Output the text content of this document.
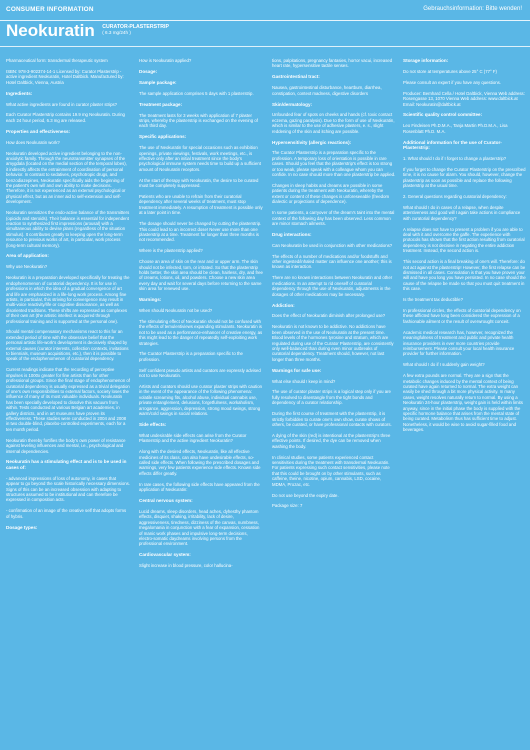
CONSUMER INFORMATION	Gebrauchsinformation: Bitte wenden!
Neokuratin CURATOR-PLASTERSTRIP
( 6.3 mg/24h )

Pharmaceutical form: transdermal therapeutic system

ISBN: 978-3-902374-14-1 Licensed by: Curator Plasterstrip - active ingredient Neokuratin, Hotel Daltbick. Manufactured by: Hotel Daltbick, Vienna, Austria

Ingredients:

What active ingredients are found in curator plaster strips?

Each Curator Plasterstrip contains 19.9 mg Neokuratin. During each 24 hour period, 6.3 mg are released.

Properties and effectiveness:

How does Neokuratin work?

Neokuratin developed active ingredient belonging to the non-anxiolytic family. Through the neurotransmitter synapses of the amygdala (located on the medial section of the temporal lobes), it indirectly affects the entrainment of coordination of personal behavior. In contrast to sedatives, psychotropic drugs, and benzodiazepines, Neokuratin specifically aids the beginning of the patient's own will and own ability to make decisions. Therefore, it is not experienced as an external psychological or physical effect, but as an inner aid to self-extension and self-development.

Neokuratin sensitizes the endo-active balance of the transmitters (opioids and steroids). Their balance is essential for independent reaction to synthesized first impressions (arousal) with a simultaneous ability to devise plans (regardless of the situation stimulus). It contributes greatly to keeping open the long-term resource to previous works of art, in particular, work process (long-term cultural memory).

Area of application:

Why use Neokuratin?

Neokuratin is a preparation developed specifically for treating the endophenomenon of curatorial dependency. It is for use in professions in which the idea of a gradual convergence of art and life are emphasized in a life-long work process. Among fine artists, in particular, this striving for convergence may result in multi-voice reactivity/life or cognitive dissonance, as well as disoriented traditions. These shifts are expressed as complexes of their own art (the artistic intellect is acquired through professional training and is supported at the personal one).

Should mental compensatory mechanisms react to this for an extended period of time with the obsessive belief that the personal artistic life-work's development is decisively shaped by external causes (curator interests, collection contexts, invitations to biennials, museum acquisitions, etc.), then it is possible to speak of the endophenomenon of curatorial dependency.

Current readings indicate that the recording of perceptive impulses is 1000x greater for fine artists than for other professional groups. Since the final stage of endophenomenon of curatorial dependency is usually expressed as a trivial delegation of one's own responsibilities to external factors, society loses the influence of many of its most valuable individuals. Neokuratin has been specially developed to dissolve this vacuum from within. Tests conducted at various Belgian art academies, in gallery districts, and in art museums have proven its effectiveness. These studies were conducted in 2004 and 2008 in two double-blind, placebo-controlled experiments, each for a ten month period.

Neokuratin thereby fortifies the body's own power of resistance against leveling influences and mental, i.e., psychological and internal dependencies.

Neokuratin has a stimulating effect and is to be used in cases of:

- advanced impressions of loss of autonomy, in cases that appear to go beyond the scale historically necessary dimensions. Signs of this can be an increased obsession with adapting to structures assumed to be institutional and can therefore be expressed in composition acts.

- confirmation of an image of the creative self that adopts forms of hybris.

Dosage types:

How is Neokuratin applied?

Dosage:

Sample package:

The sample application comprises 5 days with 1 plasterstrip.

Treatment package:

The treatment lasts for 3 weeks with application of 7 plaster strips, whereby the plasterstrip is exchanged on the evening of each third day.

Specific applications:

The use of Neokuratin for special occasions such as exhibition openings, private viewings, festivals, work meetings, etc., is effective only after an initial treatment since the body's psychological immune system needs time to build up a sufficient amount of Neokuratin receptors.

At the start of therapy with Neokuratin, the desire to be curated must be completely suppressed.

Patients who are unable to refrain from their curatorial dependency after several weeks of treatment, must stop treatment immediately. A resumption of treatment is possible only at a later point in time.

The dosage should never be changed by cutting the plasterstrip. This could lead to an incorrect dose! Never use more than one plasterstrip at a time. Treatment for longer than three months is not recommended.

Where is the plasterstrip applied?

Choose an area of skin on the rear and or upper arm. The skin should not be infected, torn, or irritated. So that the plasterstrip holds better, the skin area should be clean, hairless, dry, and free of creams, lotions, oil, and powders. Choose a new skin area every day and wait for several days before returning to the same skin area for renewed use.

Warnings:

When should Neokuratin not be used?

The stimulating effect of Neokuratin should not be confused with the effects of temulentiviews expanding stimulants. Neokuratin is not to be used as a performance-enhancer of creative energy, as this might lead to the danger of repeatedly self-exploiting work strategies.

The Curator Plasterstrip is a preparation specific to the profession.

Self confident pseudo artists and curators are expressly advised not to use Neokuratin.

Artists and curators should use curator plaster strips with caution in the event of the appearance of the following phenomena: volatile screaming fits, alcohol abuse, individual cannabis use, private entanglement, delusions, forgetfulness, workaholism, arrogance, aggression, depression, strong mood swings, strong warm/cold swings in social relations.

Side effects:

What undesirable side effects can arise from the Curator Plasterstrip and the active ingredient Neokuratin?

Along with the desired effects, Neokuratin, like all effective medicines of its class, can also have undesirable effects, so-called side effects. When following the prescribed dosages and warnings, very few patients experience side effects. Known side effects differ greatly.

In rare cases, the following side effects have appeared from the application of Neokuratin:

Central nervous system:

Lucid dreams, sleep disorders, head aches, dyhesthy phantom effects, disquiet, shaking, irritability, lack of desire, aggressiveness, tiredness, dizziness of the canvas, numbness, megalomania in conjunction with a fear of expansion, cessation of manic work phases and impulsive long-term decisions, electro-somatic daydreams involving persons from the professional environment.

Cardiovascular system:

Slight increase in blood pressure, color hallucina-

tions, palpitations, pregnancy fantasies, horror vacui, increased heart rate, hypersensitive tactile senses.

Gastrointestinal tract:

Nausea, gastrointestinal disturbance, heartburn, diarrhea, constipation, context madness, digestive disorders

Skin/dermatology:

Unfounded fear of spots on cheeks and hands (cf. toxic contact eczema, gazing paralysis). Due to the form of use of Neokuratin, which is similar to the use of adhesive plasters, e. s., slight reddening of the skin and itching are possible.

Hypersensitivity (allergic reactions):

The Curator Plasterstrip is a preparation specific to the profession. A temporary loss of orientation is possible in rare cases. Should you feel that the plasterstrip's effect is too strong or too weak, please speak with a colleague whom you can confide. In no case should more than one plasterstrip be applied.

Changes in sleep habits and dreams are possible in some patients during the treatment with Neokuratin, whereby the extent or content of these changes is unforeseeable (freedom dialectic or projections of dependence).

In some patients, a carryover of the dream's taint into the mental context of the following day has been observed. Less common are minor stomach ailments.

Drug interactions:

Can Neokuratin be used in conjunction with other medications?

The effects of a number of medications and/or foodstuffs and other ingested/inhaled matter can influence one another; this is known as interaction.

There are no known interactions between Neokuratin and other medications. In an attempt to rid oneself of curatorial dependency through the use of Neokuratin, adjustments in the dosages of other medications may be necessary.

Addiction:

Does the effect of Neokuratin diminish after prolonged use?

Neokuratin is not known to be addictive. No addictions have been observed in the use of Neokuratin at the present time. Blood levels of the hormones tyrosine and stratum, which are regulated during use of the Curator Plasterstrip, are consistently only well-balanced than during even minor outbreaks of curatorial dependency. Treatment should, however, not last longer than three months.

Warnings for safe use:

What else should I keep in mind?

The use of curator plaster strips is a logical step only if you are fully resolved to disentangle from the tight bonds and dependency of a curator relationship.

During the first course of treatment with the plasterstrip, it is strictly forbidden to curate one's own show, curate shows of others, be curated, or have professional contacts with curators.

A dying of the skin (red) is intentional at the plasterstrip's three effective points. If desired, the dye can be removed when washing the body.

In clinical studies, some patients experienced contact sensitivities during the treatment with transdermal Neokuratin. For patients expressing such contact sensitivities, please note that this could be brought on by other stimulants, such as caffeine, theine, nicotine, opium, cannabis, LSD, cocaine, MDMA, Prozac, etc.

Do not use beyond the expiry date.

Package size: 7

Storage information:

Do not store at temperatures above 25° C (77° F)

Please consult an expert if you have any questions.

Producer: Bernhard Cella / Hotel Daltbick, Vienna Web address: Rosengasse 13, 1070 Vienna Web address: www.daltbick.at Email: Neokuratin@daltbick.at

Scientific quality control committee:

Leo Findeisen Ph.D.M.A., Tanja Martin Ph.D.M.A., Lisa Rosenblatt Ph.D. M.A.

Additional information for the use of Curator-Plasterstrip:

1. What should I do if I forget to change a plasterstrip?

If you forget to change the Curator Plasterstrip on the prescribed time, it is no cause for alarm. You should, however, change the plasterstrip as soon as possible and replace the following plasterstrip at the usual time.

2. General questions regarding curatorial dependency:

What should I do in cases of a relapse, when despite attentiveness and good will I again take actions in compliance with curatorial dependency?

A relapse does not have to present a problem if you are able to deal with it and overcome the gaffe. The experience with protocols has shown that the first action resulting from curatorial dependency is not decisive in negating the entire addiction treatment. Instead, the second action is.

This second action is a final breaking of one's will. Therefore: do not act against the plasterstrip! However, the first relapse can be dismissed in all cases. Consolation is that you have proven your will and have you long you have persisted. In no case should the cause of the relapse be made so that you must quit treatment in this case.

Is the treatment tax deductible?

In professional circles, the effects of curatorial dependency on these afflicted have long been considered the expression of a fashionable ailment or the result of overwrought conceit.

Academic medical research has, however, recognized the meaningfulness of treatment and public and private health insurance providers in ever more countries provide reimbursement. Please consult your local health insurance provider for further information.

What should I do if I suddenly gain weight?

A few extra pounds are normal. They are a sign that the metabolic changes induced by the mental context of being curated have again returned to normal. The extra weight can easily be shed through a bit more physical activity. In many cases, weight resolves naturally return to normal. By using a Neokuratin 24-hour plasterstrip, weight gain is held within limits anyway, since in the initial phase the body is supplied with the specific hormone balance that arises from the mental state of being curated. Metabolism thus has sufficient time to adjust. Nonetheless, it would be wise to avoid sugar-filled food and beverages.
